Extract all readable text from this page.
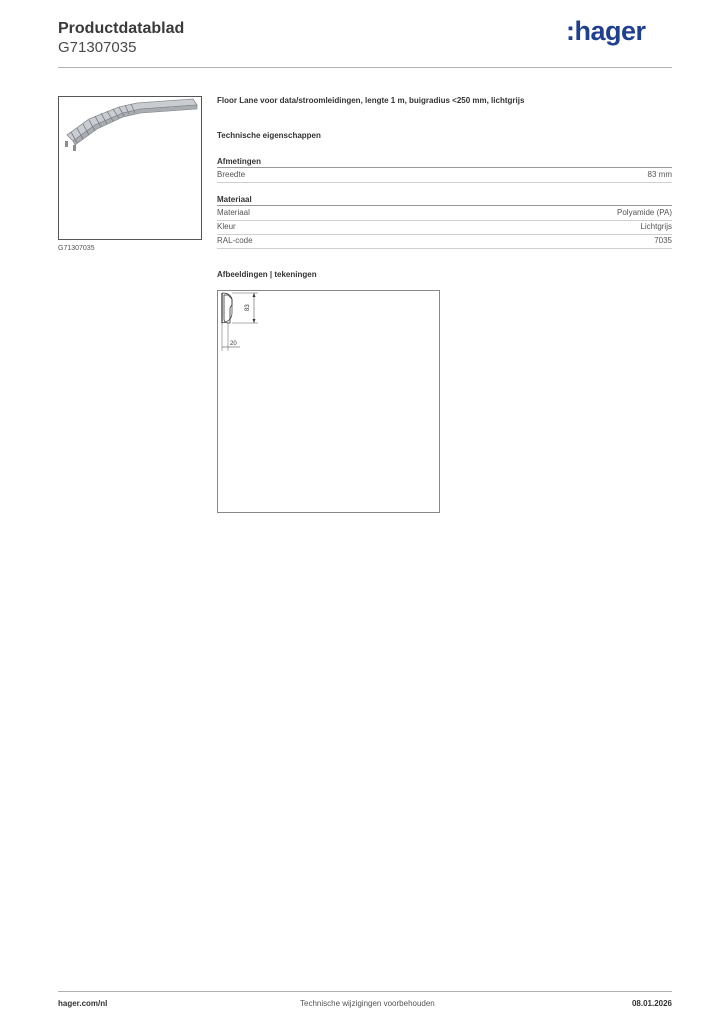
Productdatablad
G71307035
:hager
G71307035
Floor Lane voor data/stroomleidingen, lengte 1 m, buigradius <250 mm, lichtgrijs
Technische eigenschappen
Afmetingen
Breedte	83 mm
Materiaal
Materiaal	Polyamide (PA)
Kleur	Lichtgrijs
RAL-code	7035
Afbeeldingen | tekeningen
83
20
hager.com/nl	Technische wijzigingen voorbehouden	08.01.2026
